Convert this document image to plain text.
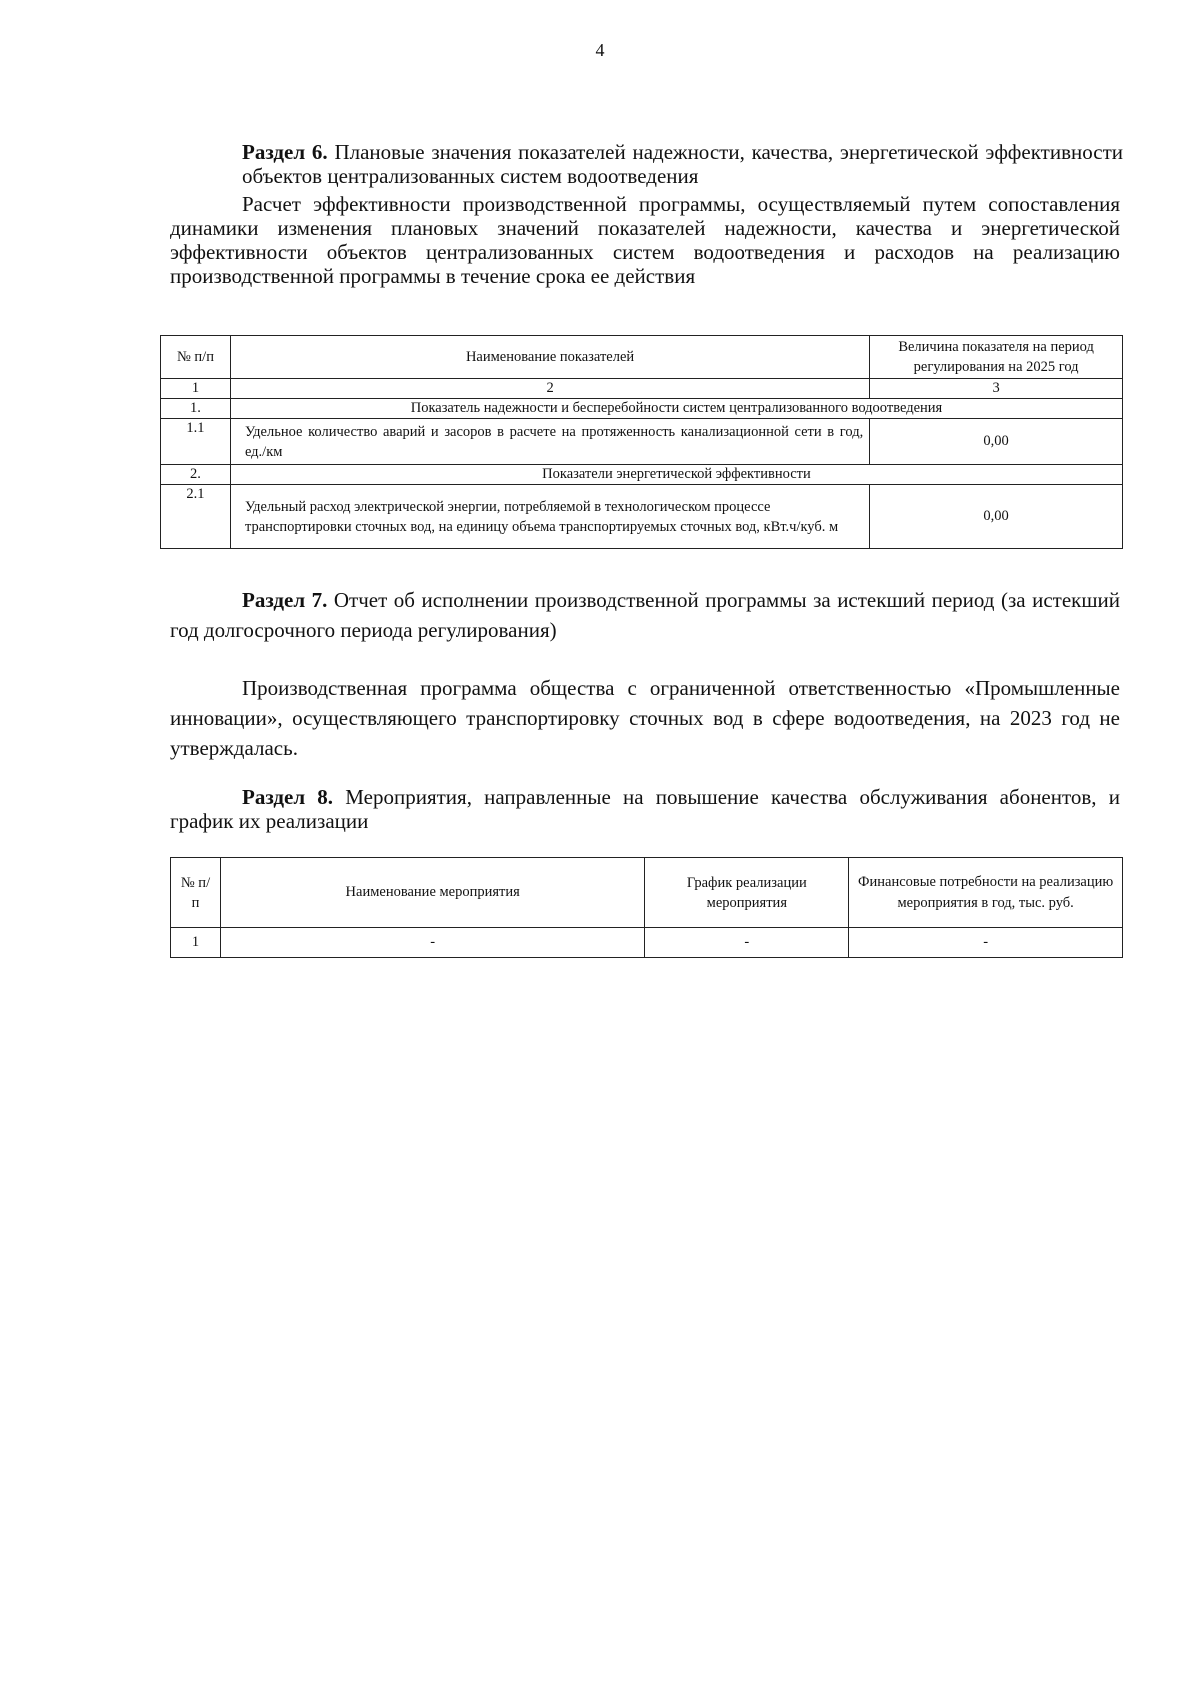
4
Раздел 6. Плановые значения показателей надежности, качества, энергетической эффективности объектов централизованных систем водоотведения
Расчет эффективности производственной программы, осуществляемый путем сопоставления динамики изменения плановых значений показателей надежности, качества и энергетической эффективности объектов централизованных систем водоотведения и расходов на реализацию производственной программы в течение срока ее действия
№ п/п	Наименование показателей	Величина показателя на период регулирования на 2025 год
1	2	3
1.	Показатель надежности и бесперебойности систем централизованного водоотведения	
1.1	Удельное количество аварий и засоров в расчете на протяженность канализационной сети в год, ед./км	0,00
2.	Показатели энергетической эффективности	
2.1	Удельный расход электрической энергии, потребляемой в технологическом процессе транспортировки сточных вод, на единицу объема транспортируемых сточных вод, кВт.ч/куб. м	0,00
Раздел 7. Отчет об исполнении производственной программы за истекший период (за истекший год долгосрочного периода регулирования)
Производственная программа общества с ограниченной ответственностью «Промышленные инновации», осуществляющего транспортировку сточных вод в сфере водоотведения, на 2023 год не утверждалась.
Раздел 8. Мероприятия, направленные на повышение качества обслуживания абонентов, и график их реализации
№ п/п	Наименование мероприятия	График реализации мероприятия	Финансовые потребности на реализацию мероприятия в год, тыс. руб.
1	-	-	-
